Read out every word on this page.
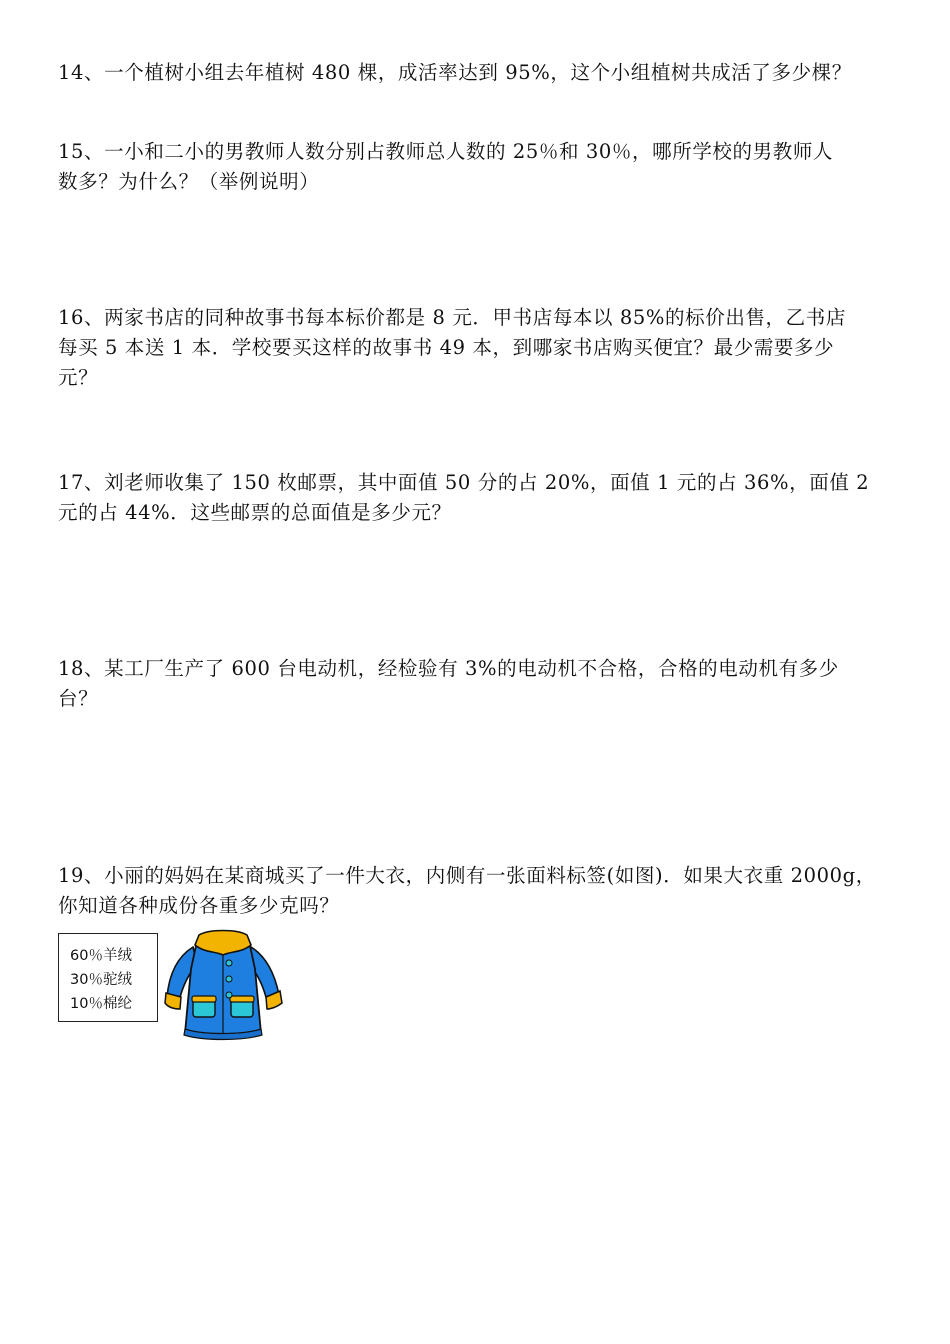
14、一个植树小组去年植树 480 棵，成活率达到 95%，这个小组植树共成活了多少棵？
15、一小和二小的男教师人数分别占教师总人数的 25％和 30％，哪所学校的男教师人
数多？为什么？（举例说明）
16、两家书店的同种故事书每本标价都是 8 元．甲书店每本以 85%的标价出售，乙书店
每买 5 本送 1 本．学校要买这样的故事书 49 本，到哪家书店购买便宜？最少需要多少
元？
17、刘老师收集了 150 枚邮票，其中面值 50 分的占 20%，面值 1 元的占 36%，面值 2
元的占 44%．这些邮票的总面值是多少元？
18、某工厂生产了 600 台电动机，经检验有 3%的电动机不合格，合格的电动机有多少
台？
19、小丽的妈妈在某商城买了一件大衣，内侧有一张面料标签(如图)．如果大衣重 2000g，
你知道各种成份各重多少克吗？
60％羊绒
30％驼绒
10％棉纶
